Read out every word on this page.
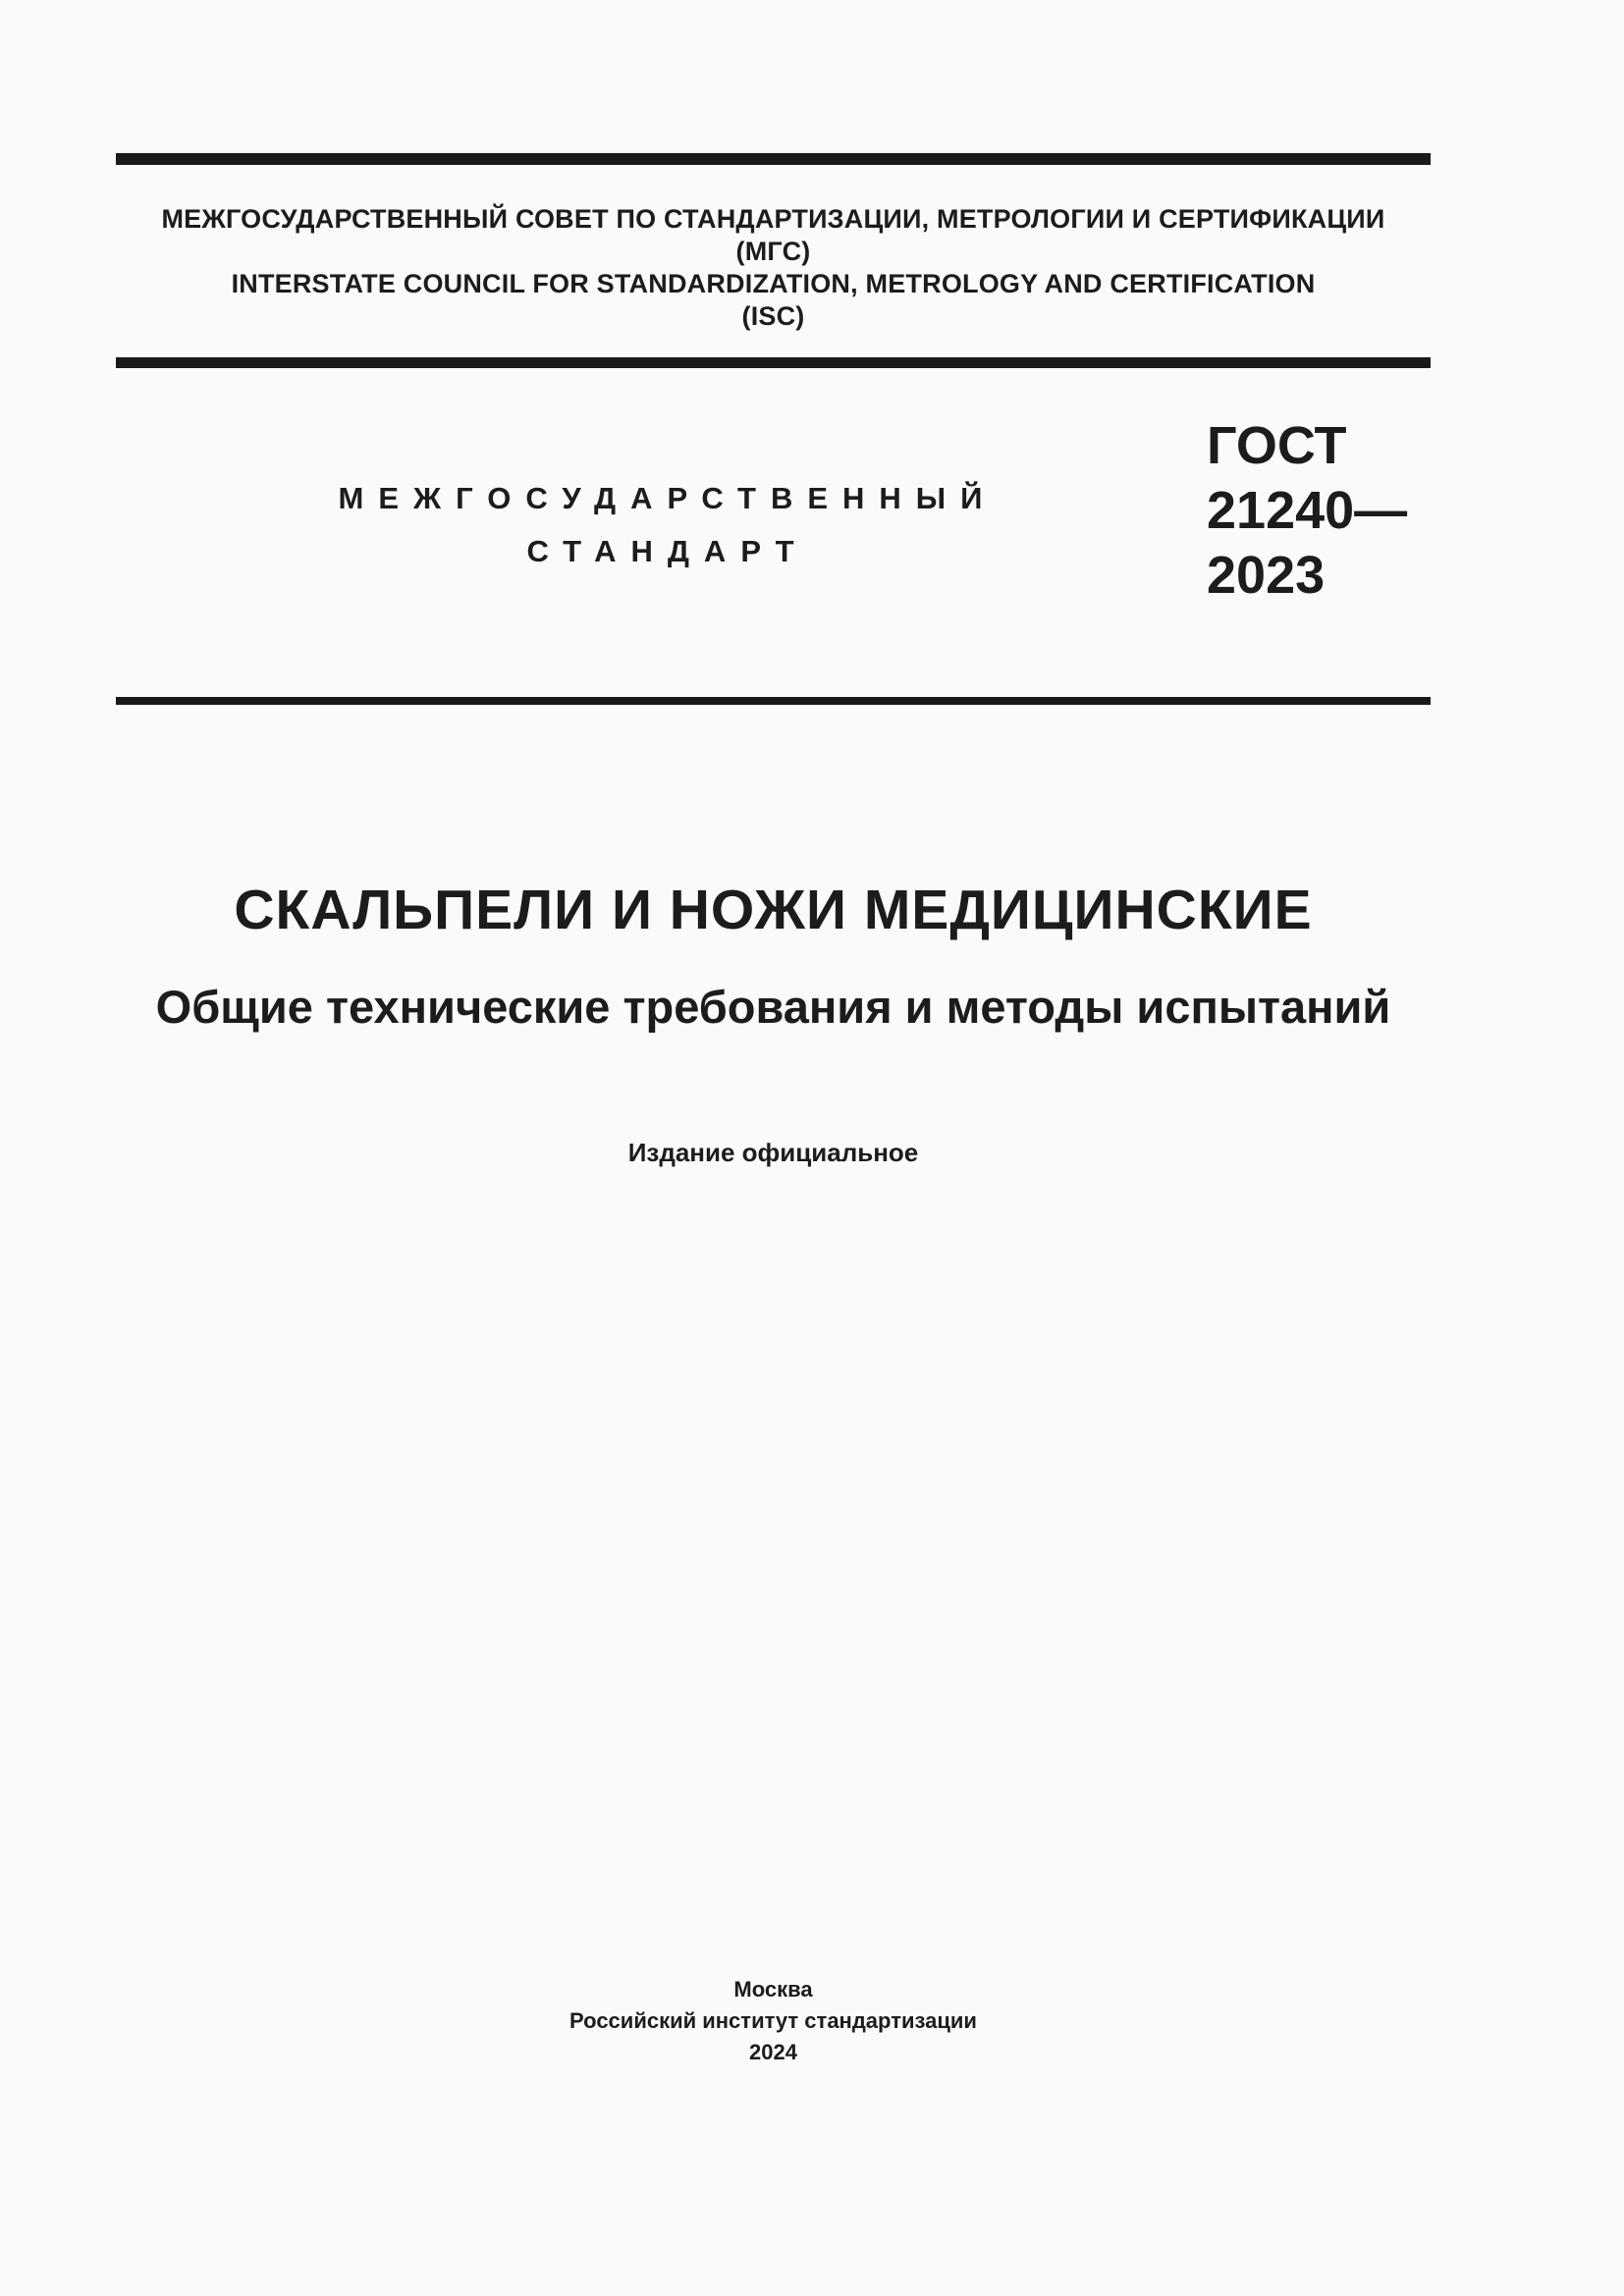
МЕЖГОСУДАРСТВЕННЫЙ СОВЕТ ПО СТАНДАРТИЗАЦИИ, МЕТРОЛОГИИ И СЕРТИФИКАЦИИ
(МГС)
INTERSTATE COUNCIL FOR STANDARDIZATION, METROLOGY AND CERTIFICATION
(ISC)
МЕЖГОСУДАРСТВЕННЫЙ
СТАНДАРТ
ГОСТ
21240—
2023
СКАЛЬПЕЛИ И НОЖИ МЕДИЦИНСКИЕ
Общие технические требования и методы испытаний
Издание официальное
Москва
Российский институт стандартизации
2024
